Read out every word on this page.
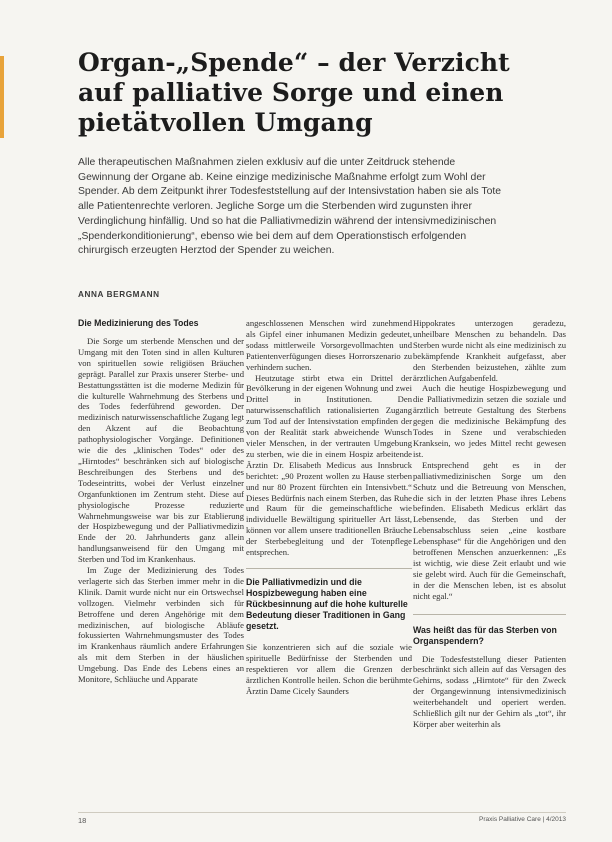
Organ-„Spende“ – der Verzicht auf palliative Sorge und einen pietätvollen Umgang

Alle therapeutischen Maßnahmen zielen exklusiv auf die unter Zeitdruck stehende Gewinnung der Organe ab. Keine einzige medizinische Maßnahme erfolgt zum Wohl der Spender. Ab dem Zeitpunkt ihrer Todesfeststellung auf der Intensivstation haben sie als Tote alle Patientenrechte verloren. Jegliche Sorge um die Sterbenden wird zugunsten ihrer Verdinglichung hinfällig. Und so hat die Palliativmedizin während der intensivmedizinischen „Spenderkonditionierung“, ebenso wie bei dem auf dem Operationstisch erfolgenden chirurgisch erzeugten Herztod der Spender zu weichen.

ANNA BERGMANN

Die Medizinierung des Todes

Die Sorge um sterbende Menschen und der Umgang mit den Toten sind in allen Kulturen von spirituellen sowie religiösen Bräuchen geprägt. Parallel zur Praxis unserer Sterbe- und Bestattungsstätten ist die moderne Medizin für die kulturelle Wahrnehmung des Sterbens und des Todes federführend geworden. Der medizinisch naturwissenschaftliche Zugang legt den Akzent auf die Beobachtung pathophysiologischer Vorgänge. Definitionen wie die des „klinischen Todes“ oder des „Hirntodes“ beschränken sich auf biologische Beschreibungen des Sterbens und des Todeseintritts, wobei der Verlust einzelner Organfunktionen im Zentrum steht. Diese auf physiologische Prozesse reduzierte Wahrnehmungsweise war bis zur Etablierung der Hospizbewegung und der Palliativmedizin Ende der 20. Jahrhunderts ganz allein handlungsanweisend für den Umgang mit Sterben und Tod im Krankenhaus.

Im Zuge der Medizinierung des Todes verlagerte sich das Sterben immer mehr in die Klinik. Damit wurde nicht nur ein Ortswechsel vollzogen. Vielmehr verbinden sich für Betroffene und deren Angehörige mit dem medizinischen, auf biologische Abläufe fokussierten Wahrnehmungsmuster des Todes im Krankenhaus räumlich andere Erfahrungen als mit dem Sterben in der häuslichen Umgebung. Das Ende des Lebens eines an Monitore, Schläuche und Apparate

angeschlossenen Menschen wird zunehmend als Gipfel einer inhumanen Medizin gedeutet, sodass mittlerweile Vorsorgevollmachten und Patientenverfügungen dieses Horrorszenario zu verhindern suchen.

Heutzutage stirbt etwa ein Drittel der Bevölkerung in der eigenen Wohnung und zwei Drittel in Institutionen. Den naturwissenschaftlich rationalisierten Zugang zum Tod auf der Intensivstation empfinden der von der Realität stark abweichende Wunsch vieler Menschen, in der vertrauten Umgebung zu sterben, wie die in einem Hospiz arbeitende Ärztin Dr. Elisabeth Medicus aus Innsbruck berichtet: „90 Prozent wollen zu Hause sterben und nur 80 Prozent fürchten ein Intensivbett.“ Dieses Bedürfnis nach einem Sterben, das Ruhe und Raum für die gemeinschaftliche wie individuelle Bewältigung spiritueller Art lässt, können vor allem unsere traditionellen Bräuche der Sterbebegleitung und der Totenpflege entsprechen.

Die Palliativmedizin und die Hospizbewegung haben eine Rückbesinnung auf die hohe kulturelle Bedeutung dieser Traditionen in Gang gesetzt.

Sie konzentrieren sich auf die soziale wie spirituelle Bedürfnisse der Sterbenden und respektieren vor allem die Grenzen der ärztlichen Kontrolle heilen. Schon die berühmte Ärztin Dame Cicely Saunders

Hippokrates unterzogen geradezu, unheilbare Menschen zu behandeln. Das Sterben wurde nicht als eine medizinisch zu bekämpfende Krankheit aufgefasst, aber den Sterbenden beizustehen, zählte zum ärztlichen Aufgabenfeld.

Auch die heutige Hospizbewegung und die Palliativmedizin setzen die soziale und ärztlich betreute Gestaltung des Sterbens gegen die medizinische Bekämpfung des Todes in Szene und verabschieden Kranksein, wo jedes Mittel recht gewesen ist.

Entsprechend geht es in der palliativmedizinischen Sorge um den Schutz und die Betreuung von Menschen, die sich in der letzten Phase ihres Lebens befinden. Elisabeth Medicus erklärt das Lebensende, das Sterben und der Lebensabschluss seien „eine kostbare Lebensphase“ für die Angehörigen und den betroffenen Menschen anzuerkennen: „Es ist wichtig, wie diese Zeit erlaubt und wie sie gelebt wird. Auch für die Gemeinschaft, in der die Menschen leben, ist es absolut nicht egal.“

Was heißt das für das Sterben von Organspendern?

Die Todesfeststellung dieser Patienten beschränkt sich allein auf das Versagen des Gehirns, sodass „Hirntote“ für den Zweck der Organgewinnung intensivmedizinisch weiterbehandelt und operiert werden. Schließlich gilt nur der Gehirn als „tot“, ihr Körper aber weiterhin als

18	Praxis Palliative Care | 4/2013
